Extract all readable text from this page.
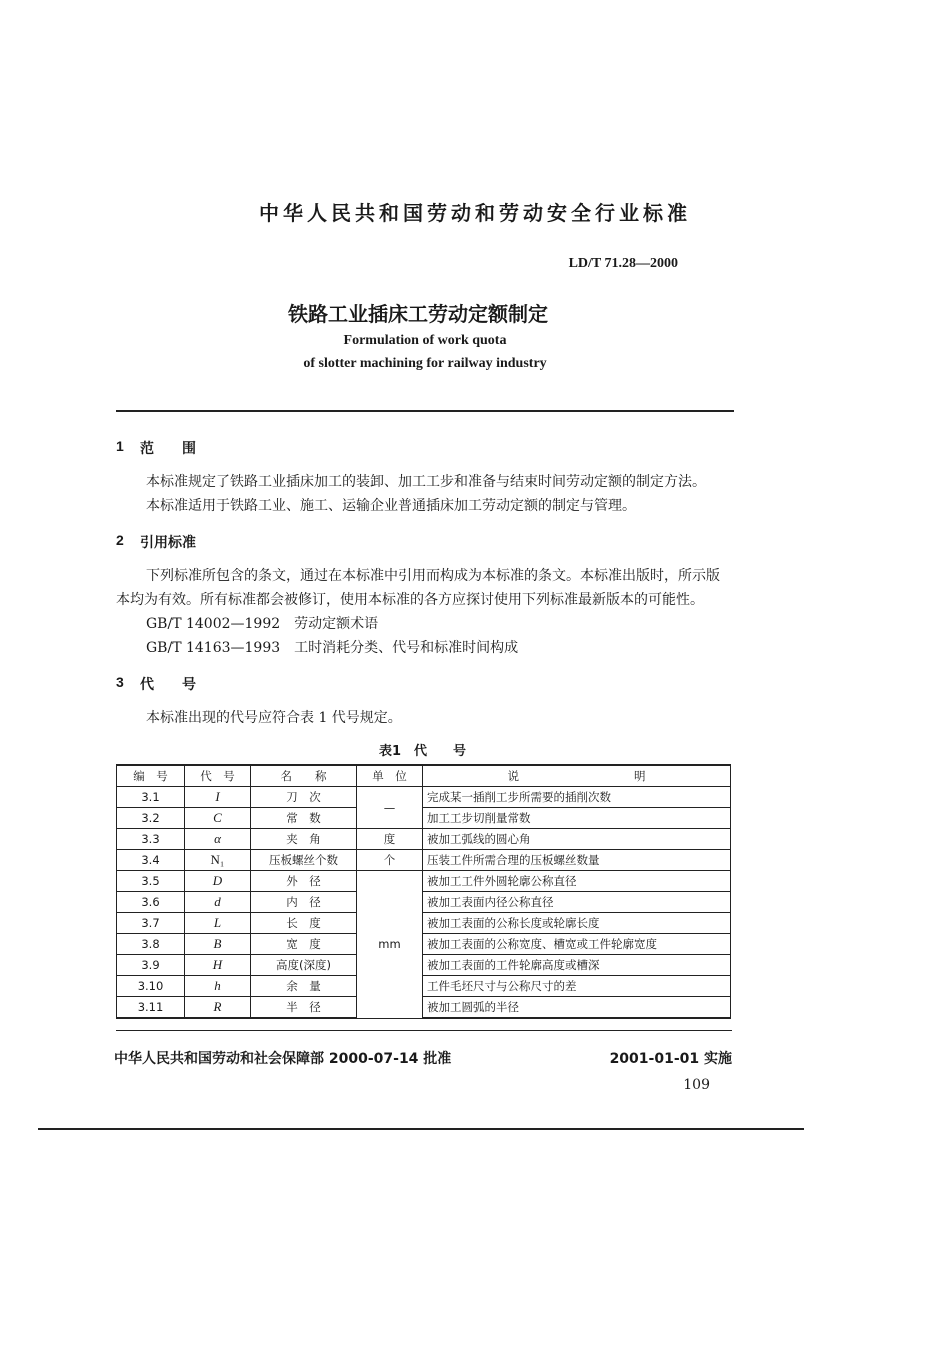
中华人民共和国劳动和劳动安全行业标准
LD/T 71.28—2000
铁路工业插床工劳动定额制定
Formulation of work quota
of slotter machining for railway industry
1 范　　围
本标准规定了铁路工业插床加工的装卸、加工工步和准备与结束时间劳动定额的制定方法。
本标准适用于铁路工业、施工、运输企业普通插床加工劳动定额的制定与管理。
2 引用标准
下列标准所包含的条文，通过在本标准中引用而构成为本标准的条文。本标准出版时，所示版
本均为有效。所有标准都会被修订，使用本标准的各方应探讨使用下列标准最新版本的可能性。
GB/T 14002—1992　劳动定额术语
GB/T 14163—1993　工时消耗分类、代号和标准时间构成
3 代　　号
本标准出现的代号应符合表 1 代号规定。
表1　代　　号
编　号	代　号	名　　称	单　位	说　　　　　　　　　　明
3.1	I	刀　次	—	完成某一插削工步所需要的插削次数
3.2	C	常　数		加工工步切削量常数
3.3	α	夹　角	度	被加工弧线的圆心角
3.4	N₁	压板螺丝个数	个	压装工件所需合理的压板螺丝数量
3.5	D	外　径	mm	被加工工件外圆轮廓公称直径
3.6	d	内　径		被加工表面内径公称直径
3.7	L	长　度		被加工表面的公称长度或轮廓长度
3.8	B	宽　度		被加工表面的公称宽度、槽宽或工件轮廓宽度
3.9	H	高度(深度)		被加工表面的工件轮廓高度或槽深
3.10	h	余　量		工件毛坯尺寸与公称尺寸的差
3.11	R	半　径		被加工圆弧的半径
中华人民共和国劳动和社会保障部 2000-07-14 批准	2001-01-01 实施
109
